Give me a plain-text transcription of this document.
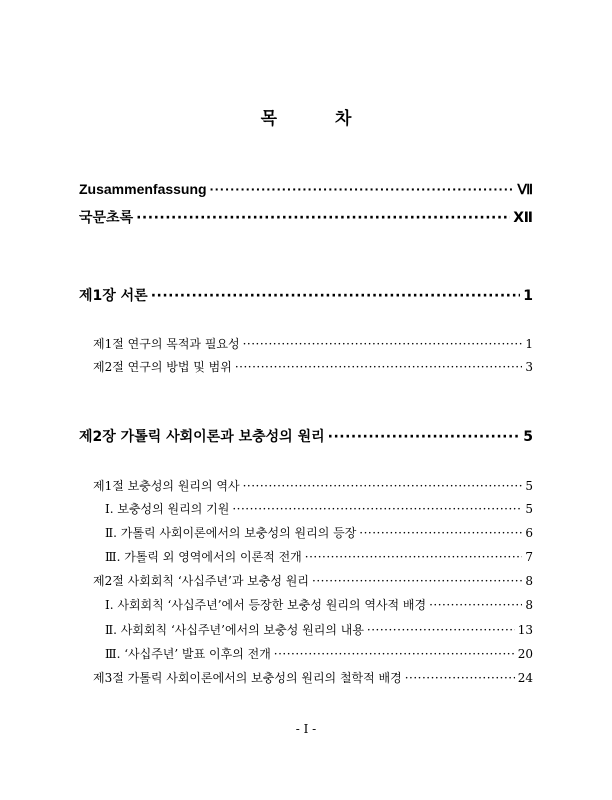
목 차
Zusammenfassung ·····	Ⅶ
국문초록 ·····	Ⅻ
제1장 서론 ·····	1
제1절 연구의 목적과 필요성 ·····	1
제2절 연구의 방법 및 범위 ·····	3
제2장 가톨릭 사회이론과 보충성의 원리 ·····	5
제1절 보충성의 원리의 역사 ·····	5
Ⅰ. 보충성의 원리의 기원 ·····	5
Ⅱ. 가톨릭 사회이론에서의 보충성의 원리의 등장 ·····	6
Ⅲ. 가톨릭 외 영역에서의 이론적 전개 ·····	7
제2절 사회회칙 ‘사십주년’과 보충성 원리 ·····	8
Ⅰ. 사회회칙 ‘사십주년’에서 등장한 보충성 원리의 역사적 배경 ·····	8
Ⅱ. 사회회칙 ‘사십주년’에서의 보충성 원리의 내용 ·····	13
Ⅲ. ‘사십주년’ 발표 이후의 전개 ·····	20
제3절 가톨릭 사회이론에서의 보충성의 원리의 철학적 배경 ·····	24
- Ⅰ -
